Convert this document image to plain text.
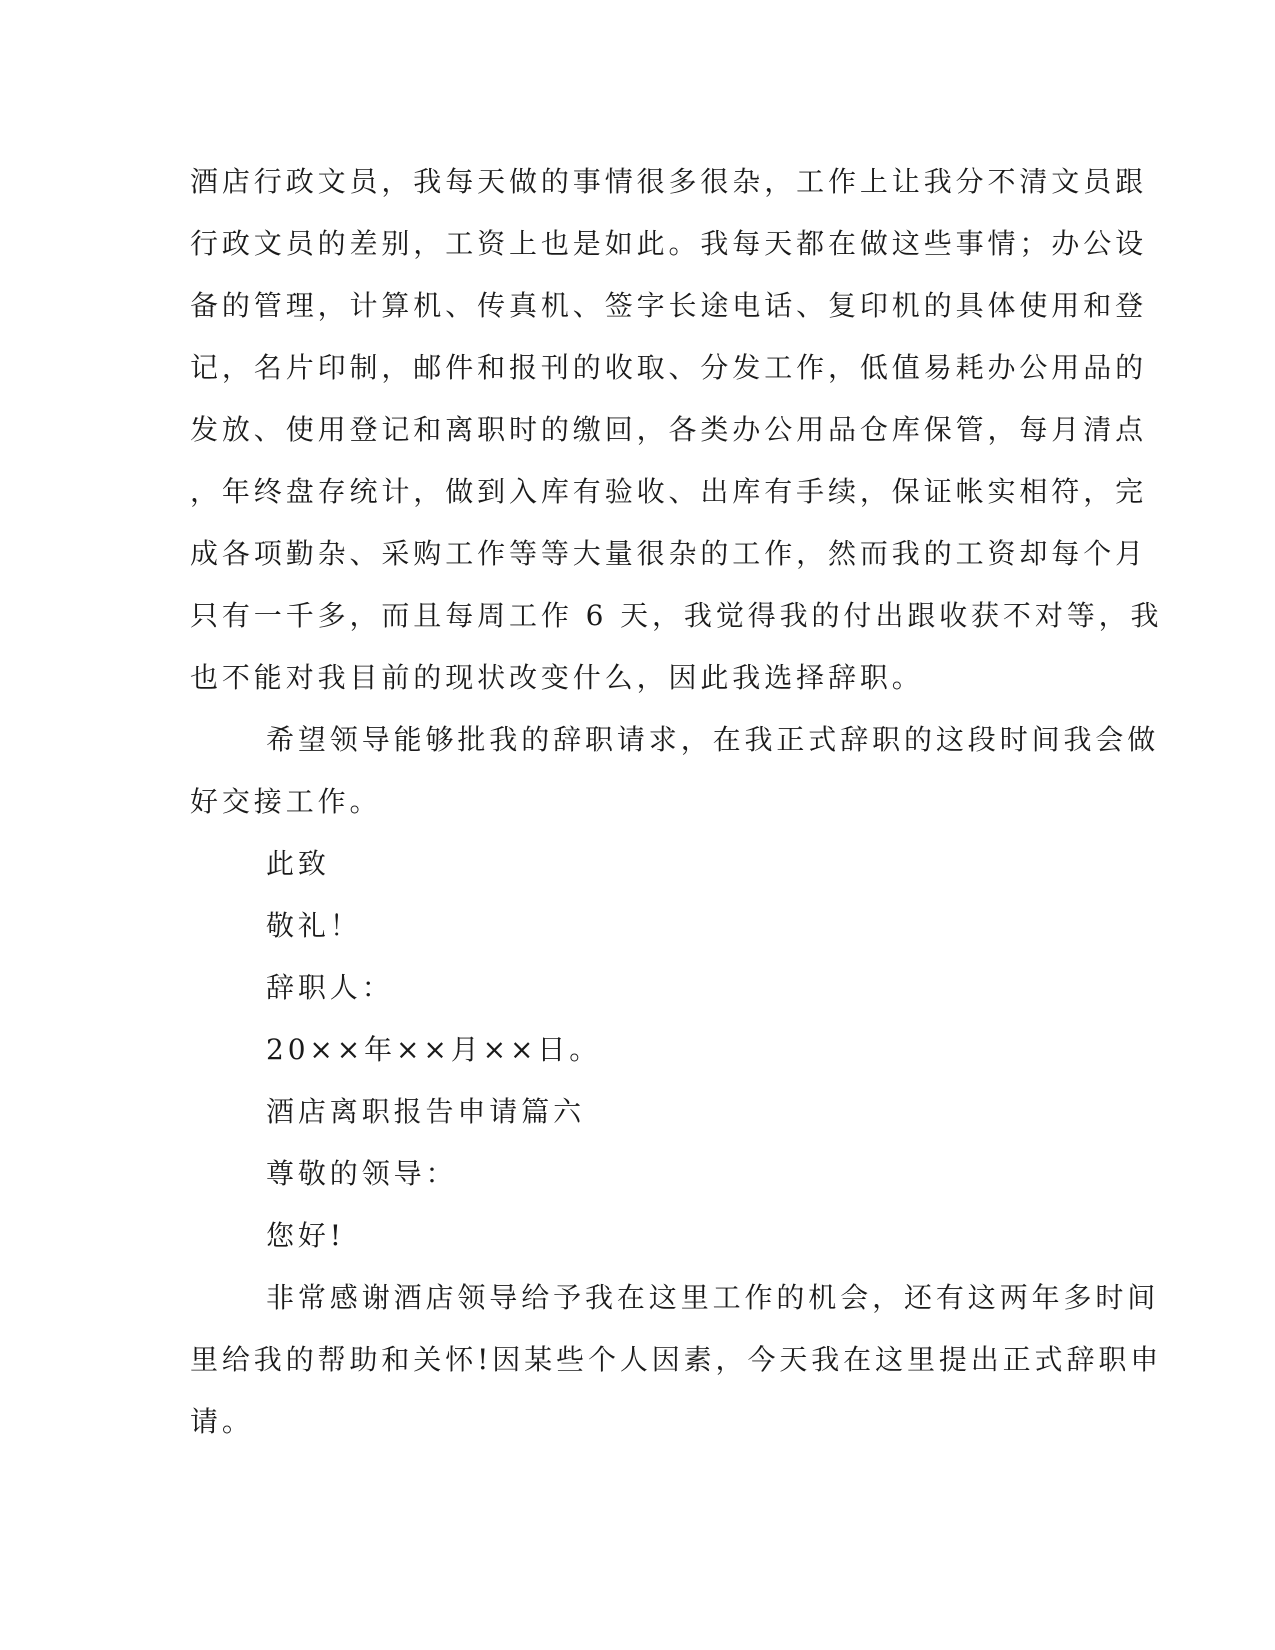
酒店行政文员，我每天做的事情很多很杂，工作上让我分不清文员跟
行政文员的差别，工资上也是如此。我每天都在做这些事情；办公设
备的管理，计算机、传真机、签字长途电话、复印机的具体使用和登
记，名片印制，邮件和报刊的收取、分发工作，低值易耗办公用品的
发放、使用登记和离职时的缴回，各类办公用品仓库保管，每月清点
，年终盘存统计，做到入库有验收、出库有手续，保证帐实相符，完
成各项勤杂、采购工作等等大量很杂的工作，然而我的工资却每个月
只有一千多，而且每周工作 6 天，我觉得我的付出跟收获不对等，我
也不能对我目前的现状改变什么，因此我选择辞职。
希望领导能够批我的辞职请求，在我正式辞职的这段时间我会做
好交接工作。
此致
敬礼！
辞职人：
20××年××月××日。
酒店离职报告申请篇六
尊敬的领导：
您好!
非常感谢酒店领导给予我在这里工作的机会，还有这两年多时间
里给我的帮助和关怀!因某些个人因素，今天我在这里提出正式辞职申
请。
